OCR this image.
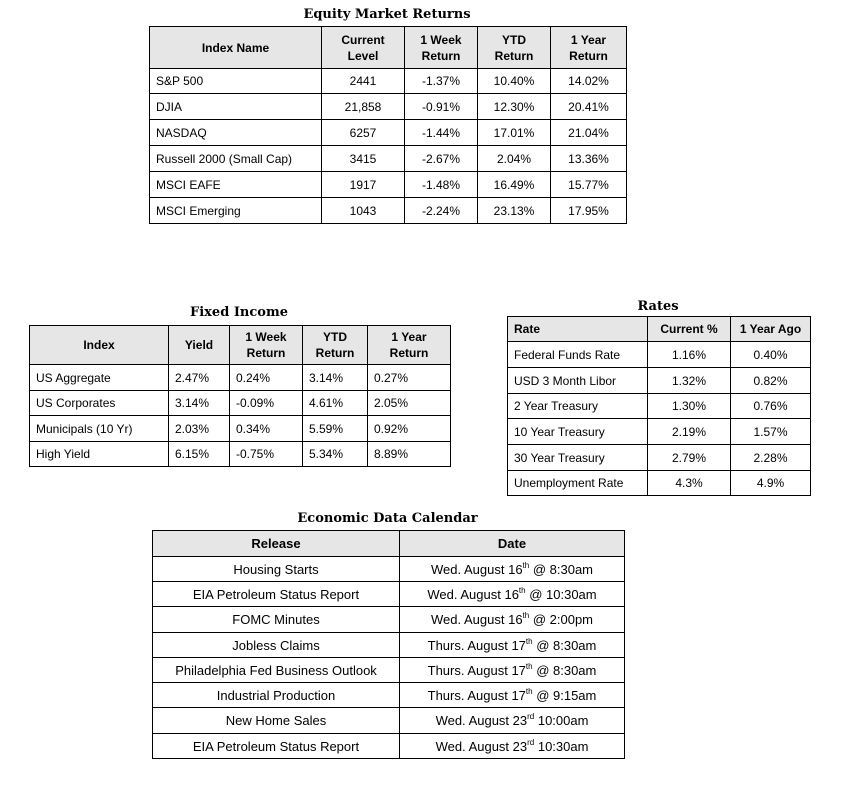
Equity Market Returns
Index Name	Current Level	1 Week Return	YTD Return	1 Year Return
S&P 500	2441	-1.37%	10.40%	14.02%
DJIA	21,858	-0.91%	12.30%	20.41%
NASDAQ	6257	-1.44%	17.01%	21.04%
Russell 2000 (Small Cap)	3415	-2.67%	2.04%	13.36%
MSCI EAFE	1917	-1.48%	16.49%	15.77%
MSCI Emerging	1043	-2.24%	23.13%	17.95%
Fixed Income
Index	Yield	1 Week Return	YTD Return	1 Year Return
US Aggregate	2.47%	0.24%	3.14%	0.27%
US Corporates	3.14%	-0.09%	4.61%	2.05%
Municipals (10 Yr)	2.03%	0.34%	5.59%	0.92%
High Yield	6.15%	-0.75%	5.34%	8.89%
Rates
Rate	Current %	1 Year Ago
Federal Funds Rate	1.16%	0.40%
USD 3 Month Libor	1.32%	0.82%
2 Year Treasury	1.30%	0.76%
10 Year Treasury	2.19%	1.57%
30 Year Treasury	2.79%	2.28%
Unemployment Rate	4.3%	4.9%
Economic Data Calendar
Release	Date
Housing Starts	Wed. August 16th @ 8:30am
EIA Petroleum Status Report	Wed. August 16th @ 10:30am
FOMC Minutes	Wed. August 16th @ 2:00pm
Jobless Claims	Thurs. August 17th @ 8:30am
Philadelphia Fed Business Outlook	Thurs. August 17th @ 8:30am
Industrial Production	Thurs. August 17th @ 9:15am
New Home Sales	Wed. August 23rd 10:00am
EIA Petroleum Status Report	Wed. August 23rd 10:30am
